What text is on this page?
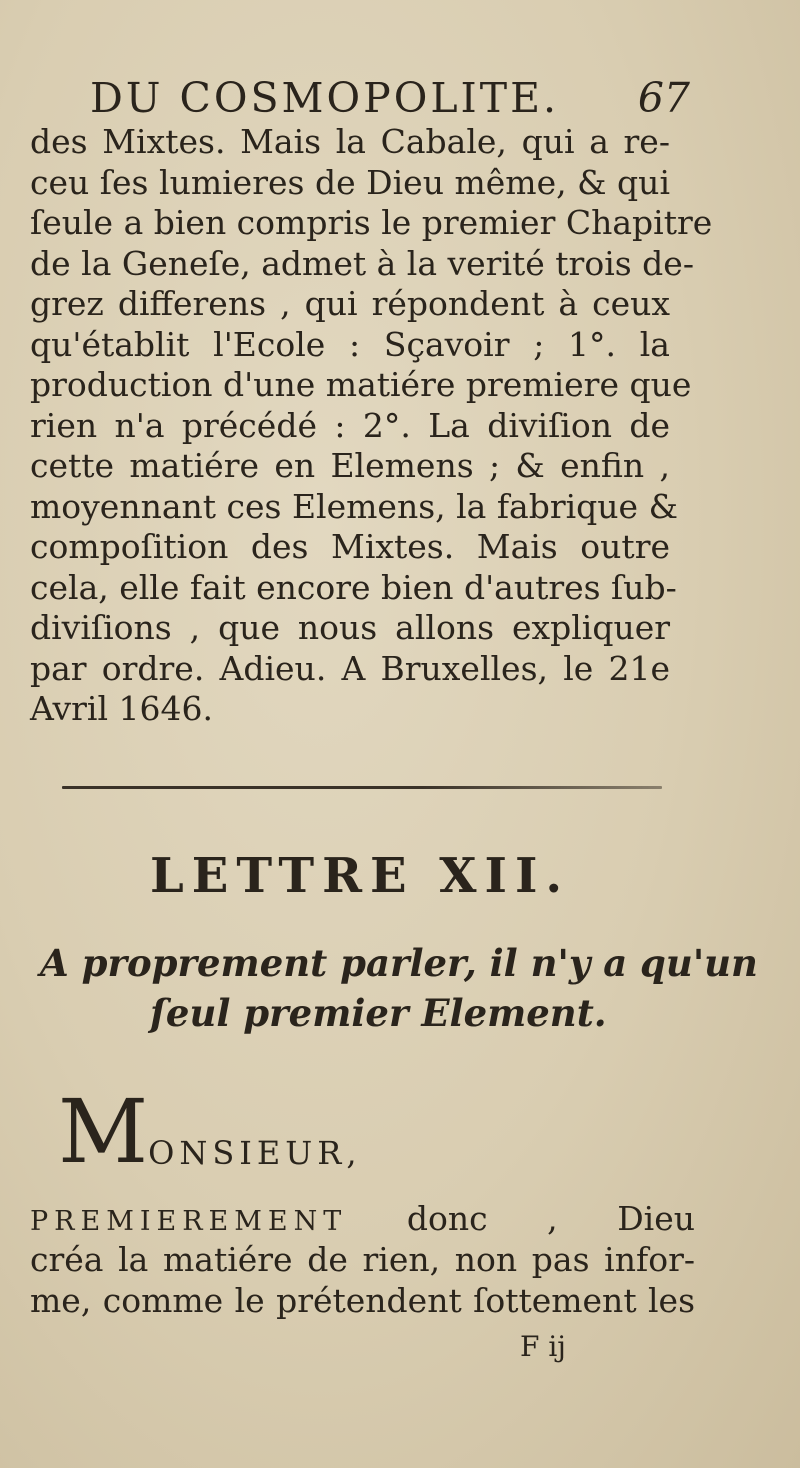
DU COSMOPOLITE. 67
des Mixtes. Mais la Cabale, qui a re-
ceu ſes lumieres de Dieu même, & qui
ſeule a bien compris le premier Chapitre
de la Geneſe, admet à la verité trois de-
grez differens , qui répondent à ceux
qu'établit l'Ecole : Sçavoir ; 1°. la
production d'une matiére premiere que
rien n'a précédé : 2°. La diviſion de
cette matiére en Elemens ; & enfin ,
moyennant ces Elemens, la fabrique &
compoſition des Mixtes. Mais outre
cela, elle fait encore bien d'autres ſub-
diviſions , que nous allons expliquer
par ordre. Adieu. A Bruxelles, le 21e
Avril 1646.
LETTRE XII.
A proprement parler, il n'y a qu'un
ſeul premier Element.
MONSIEUR,
PREMIEREMENT donc , Dieu
créa la matiére de rien, non pas infor-
me, comme le prétendent ſottement les
F ij
